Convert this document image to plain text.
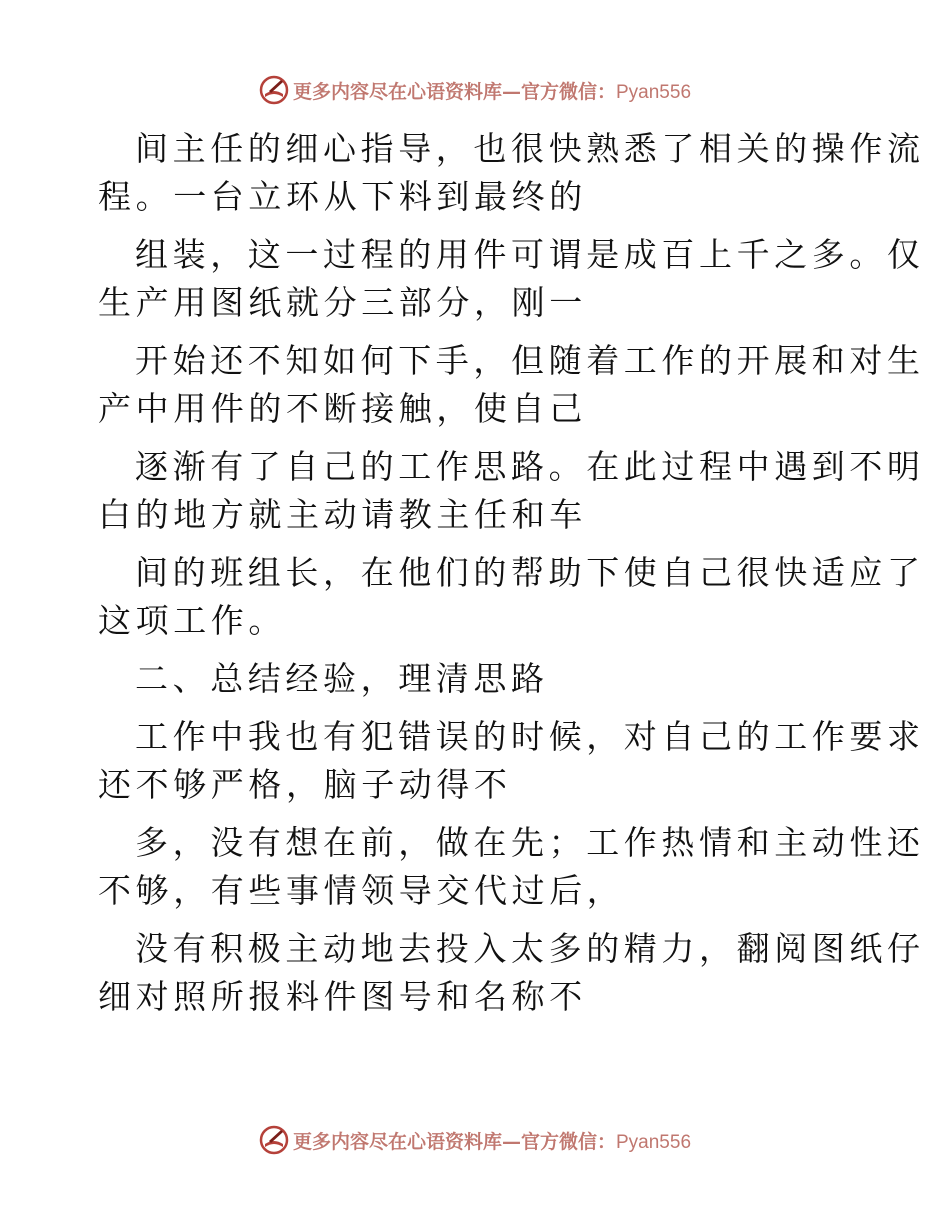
更多内容尽在心语资料库—官方微信：Pyan556
间主任的细心指导，也很快熟悉了相关的操作流
程。一台立环从下料到最终的
组装，这一过程的用件可谓是成百上千之多。仅
生产用图纸就分三部分，刚一
开始还不知如何下手，但随着工作的开展和对生
产中用件的不断接触，使自己
逐渐有了自己的工作思路。在此过程中遇到不明
白的地方就主动请教主任和车
间的班组长，在他们的帮助下使自己很快适应了
这项工作。
二、总结经验，理清思路
工作中我也有犯错误的时候，对自己的工作要求
还不够严格，脑子动得不
多，没有想在前，做在先；工作热情和主动性还
不够，有些事情领导交代过后，
没有积极主动地去投入太多的精力，翻阅图纸仔
细对照所报料件图号和名称不
更多内容尽在心语资料库—官方微信：Pyan556
